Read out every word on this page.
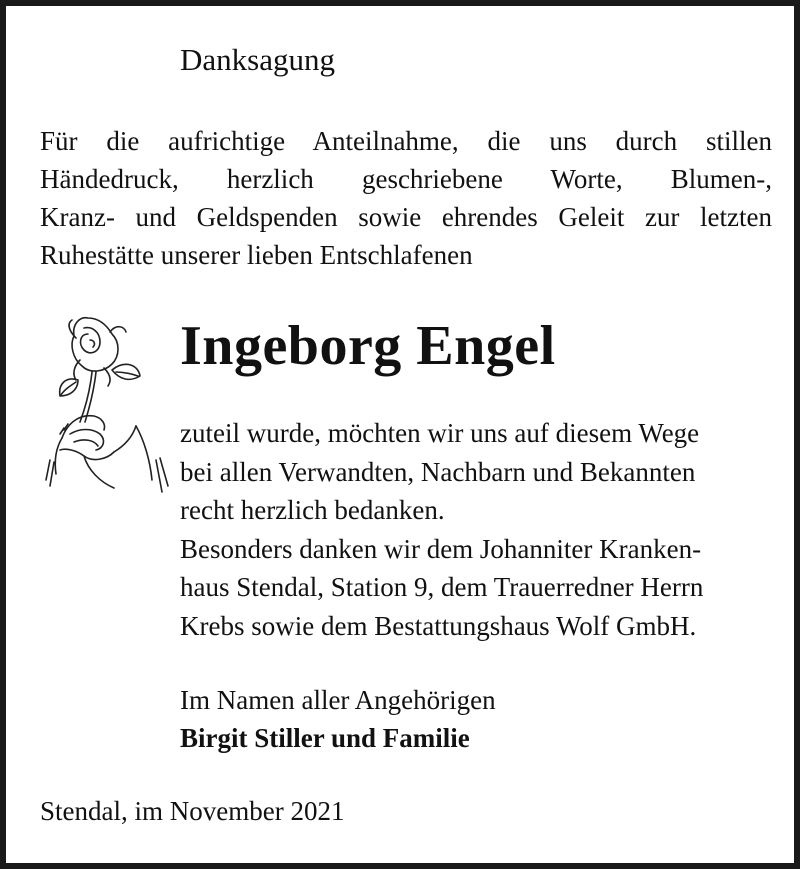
Danksagung

Für die aufrichtige Anteilnahme, die uns durch stillen
Händedruck, herzlich geschriebene Worte, Blumen-,
Kranz- und Geldspenden sowie ehrendes Geleit zur letzten
Ruhestätte unserer lieben Entschlafenen

Ingeborg Engel

zuteil wurde, möchten wir uns auf diesem Wege
bei allen Verwandten, Nachbarn und Bekannten
recht herzlich bedanken.
Besonders danken wir dem Johanniter Kranken-
haus Stendal, Station 9, dem Trauerredner Herrn
Krebs sowie dem Bestattungshaus Wolf GmbH.

Im Namen aller Angehörigen
Birgit Stiller und Familie

Stendal, im November 2021
